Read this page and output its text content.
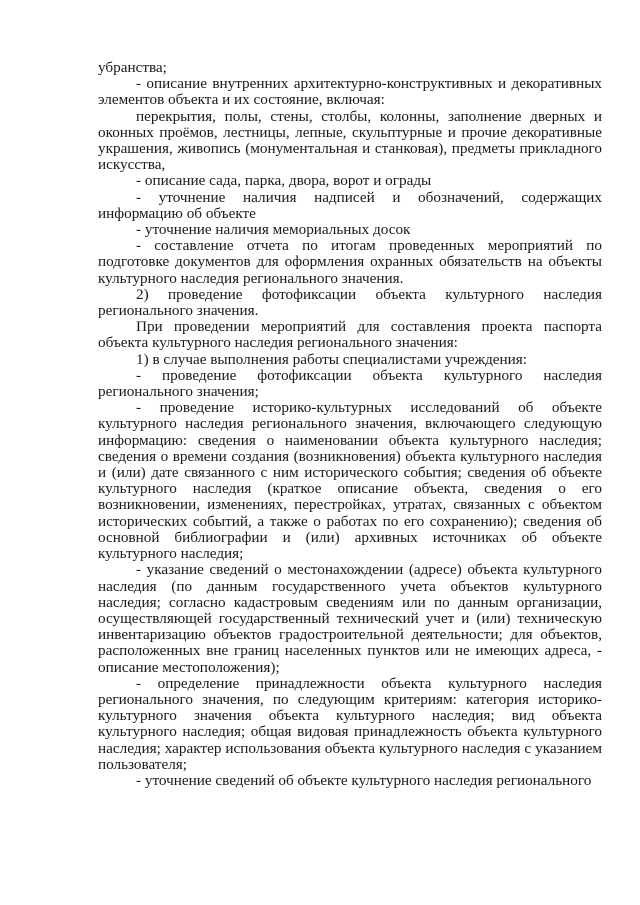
убранства;

- описание внутренних архитектурно-конструктивных и декоративных элементов объекта и их состояние, включая:

перекрытия, полы, стены, столбы, колонны, заполнение дверных и оконных проёмов, лестницы, лепные, скульптурные и прочие декоративные украшения, живопись (монументальная и станковая), предметы прикладного искусства,

- описание сада, парка, двора, ворот и ограды

- уточнение наличия надписей и обозначений, содержащих информацию об объекте

- уточнение наличия мемориальных досок

- составление отчета по итогам проведенных мероприятий по подготовке документов для оформления охранных обязательств на объекты культурного наследия регионального значения.

2) проведение фотофиксации объекта культурного наследия регионального значения.

При проведении мероприятий для составления проекта паспорта объекта культурного наследия регионального значения:

1) в случае выполнения работы специалистами учреждения:

- проведение фотофиксации объекта культурного наследия регионального значения;

- проведение историко-культурных исследований об объекте культурного наследия регионального значения, включающего следующую информацию: сведения о наименовании объекта культурного наследия; сведения о времени создания (возникновения) объекта культурного наследия и (или) дате связанного с ним исторического события; сведения об объекте культурного наследия (краткое описание объекта, сведения о его возникновении, изменениях, перестройках, утратах, связанных с объектом исторических событий, а также о работах по его сохранению); сведения об основной библиографии и (или) архивных источниках об объекте культурного наследия;

- указание сведений о местонахождении (адресе) объекта культурного наследия (по данным государственного учета объектов культурного наследия; согласно кадастровым сведениям или по данным организации, осуществляющей государственный технический учет и (или) техническую инвентаризацию объектов градостроительной деятельности; для объектов, расположенных вне границ населенных пунктов или не имеющих адреса, - описание местоположения);

- определение принадлежности объекта культурного наследия регионального значения, по следующим критериям: категория историко-культурного значения объекта культурного наследия; вид объекта культурного наследия; общая видовая принадлежность объекта культурного наследия; характер использования объекта культурного наследия с указанием пользователя;

- уточнение сведений об объекте культурного наследия регионального
